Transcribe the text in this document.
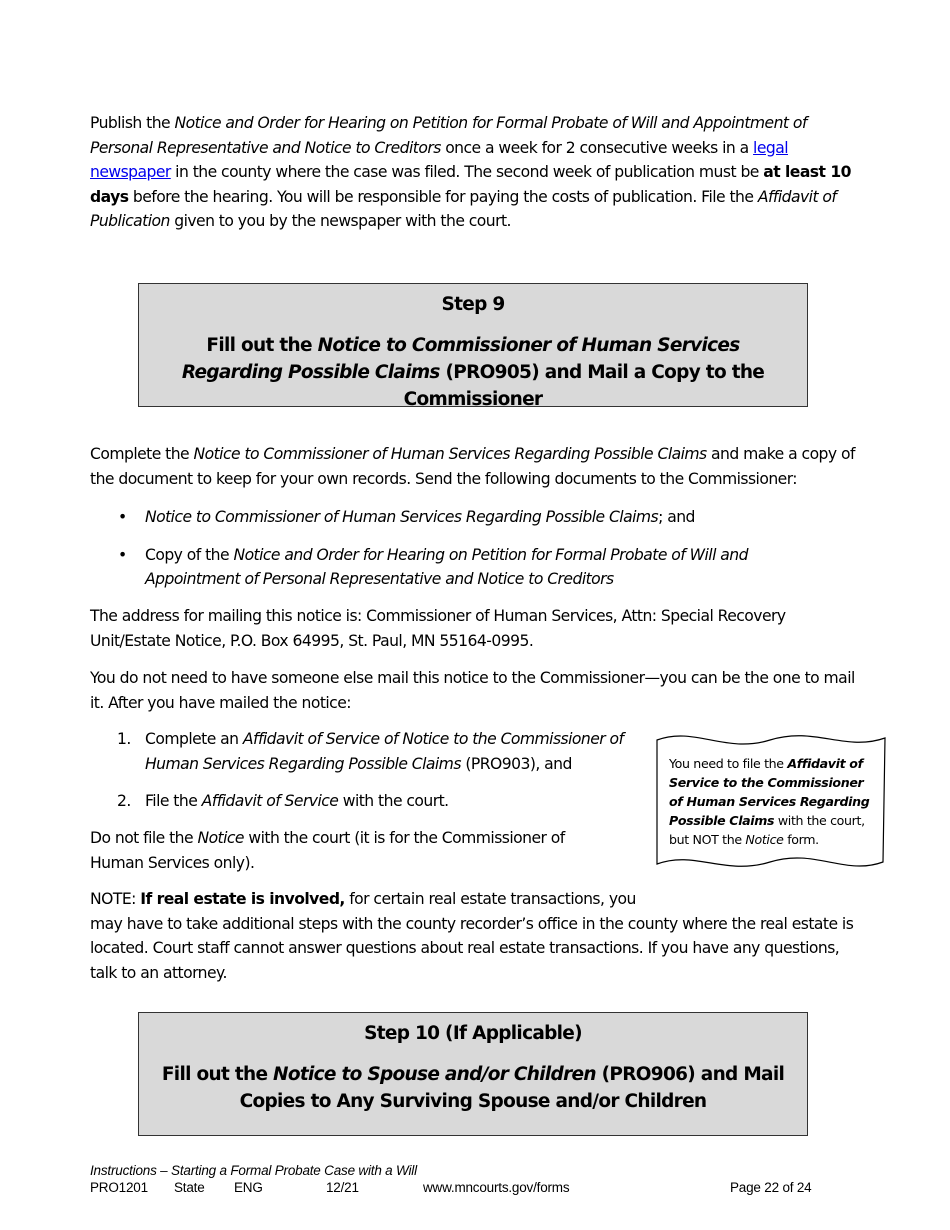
Publish the Notice and Order for Hearing on Petition for Formal Probate of Will and Appointment of Personal Representative and Notice to Creditors once a week for 2 consecutive weeks in a legal newspaper in the county where the case was filed. The second week of publication must be at least 10 days before the hearing. You will be responsible for paying the costs of publication. File the Affidavit of Publication given to you by the newspaper with the court.

Step 9
Fill out the Notice to Commissioner of Human Services Regarding Possible Claims (PRO905) and Mail a Copy to the Commissioner

Complete the Notice to Commissioner of Human Services Regarding Possible Claims and make a copy of the document to keep for your own records. Send the following documents to the Commissioner:

• Notice to Commissioner of Human Services Regarding Possible Claims; and
• Copy of the Notice and Order for Hearing on Petition for Formal Probate of Will and Appointment of Personal Representative and Notice to Creditors

The address for mailing this notice is: Commissioner of Human Services, Attn: Special Recovery Unit/Estate Notice, P.O. Box 64995, St. Paul, MN 55164-0995.

You do not need to have someone else mail this notice to the Commissioner—you can be the one to mail it. After you have mailed the notice:

1. Complete an Affidavit of Service of Notice to the Commissioner of Human Services Regarding Possible Claims (PRO903), and
2. File the Affidavit of Service with the court.

Do not file the Notice with the court (it is for the Commissioner of Human Services only).

You need to file the Affidavit of Service to the Commissioner of Human Services Regarding Possible Claims with the court, but NOT the Notice form.
NOTE: If real estate is involved, for certain real estate transactions, you
may have to take additional steps with the county recorder’s office in the county where the real estate is located. Court staff cannot answer questions about real estate transactions. If you have any questions, talk to an attorney.
Step 10 (If Applicable)
Fill out the Notice to Spouse and/or Children (PRO906) and Mail Copies to Any Surviving Spouse and/or Children
Instructions – Starting a Formal Probate Case with a Will
PRO1201 State ENG	12/21	www.mncourts.gov/forms	Page 22 of 24
